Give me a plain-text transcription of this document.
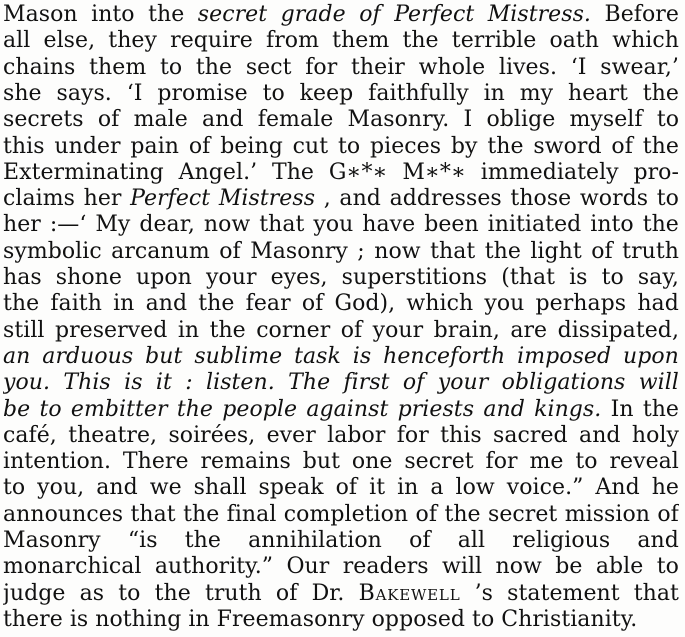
Mason into the secret grade of Perfect Mistress. Before
all else, they require from them the terrible oath which
chains them to the sect for their whole lives. ‘I swear,’
she says. ‘I promise to keep faithfully in my heart the
secrets of male and female Masonry. I oblige myself to
this under pain of being cut to pieces by the sword of the
Exterminating Angel.’ The G∗*∗ M∗*∗ immediately pro-
claims her Perfect Mistress , and addresses those words to
her :—‘ My dear, now that you have been initiated into the
symbolic arcanum of Masonry ; now that the light of truth
has shone upon your eyes, superstitions (that is to say,
the faith in and the fear of God), which you perhaps had
still preserved in the corner of your brain, are dissipated,
an arduous but sublime task is henceforth imposed upon
you. This is it : listen. The first of your obligations will
be to embitter the people against priests and kings. In the
café, theatre, soirées, ever labor for this sacred and holy
intention. There remains but one secret for me to reveal
to you, and we shall speak of it in a low voice.” And he
announces that the final completion of the secret mission of
Masonry “is the annihilation of all religious and
monarchical authority.” Our readers will now be able to
judge as to the truth of Dr. Bakewell ’s statement that
there is nothing in Freemasonry opposed to Christianity.
